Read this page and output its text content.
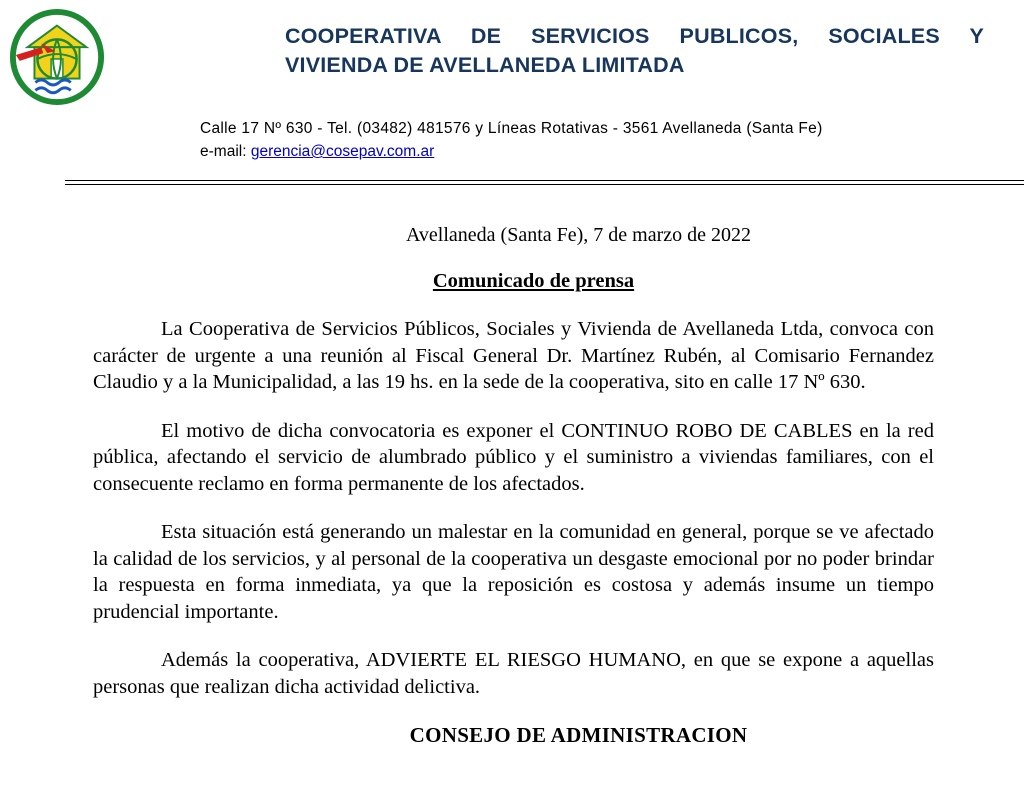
COOPERATIVA DE SERVICIOS PUBLICOS, SOCIALES Y
VIVIENDA DE AVELLANEDA LIMITADA
Calle 17 Nº 630 - Tel. (03482) 481576 y Líneas Rotativas - 3561 Avellaneda (Santa Fe)
e-mail: gerencia@cosepav.com.ar
Avellaneda (Santa Fe), 7 de marzo de 2022
Comunicado de prensa

La Cooperativa de Servicios Públicos, Sociales y Vivienda de Avellaneda Ltda, convoca con carácter de urgente a una reunión al Fiscal General Dr. Martínez Rubén, al Comisario Fernandez Claudio y a la Municipalidad, a las 19 hs. en la sede de la cooperativa, sito en calle 17 Nº 630.

El motivo de dicha convocatoria es exponer el CONTINUO ROBO DE CABLES en la red pública, afectando el servicio de alumbrado público y el suministro a viviendas familiares, con el consecuente reclamo en forma permanente de los afectados.

Esta situación está generando un malestar en la comunidad en general, porque se ve afectado la calidad de los servicios, y al personal de la cooperativa un desgaste emocional por no poder brindar la respuesta en forma inmediata, ya que la reposición es costosa y además insume un tiempo prudencial importante.

Además la cooperativa, ADVIERTE EL RIESGO HUMANO, en que se expone a aquellas personas que realizan dicha actividad delictiva.

CONSEJO DE ADMINISTRACION
